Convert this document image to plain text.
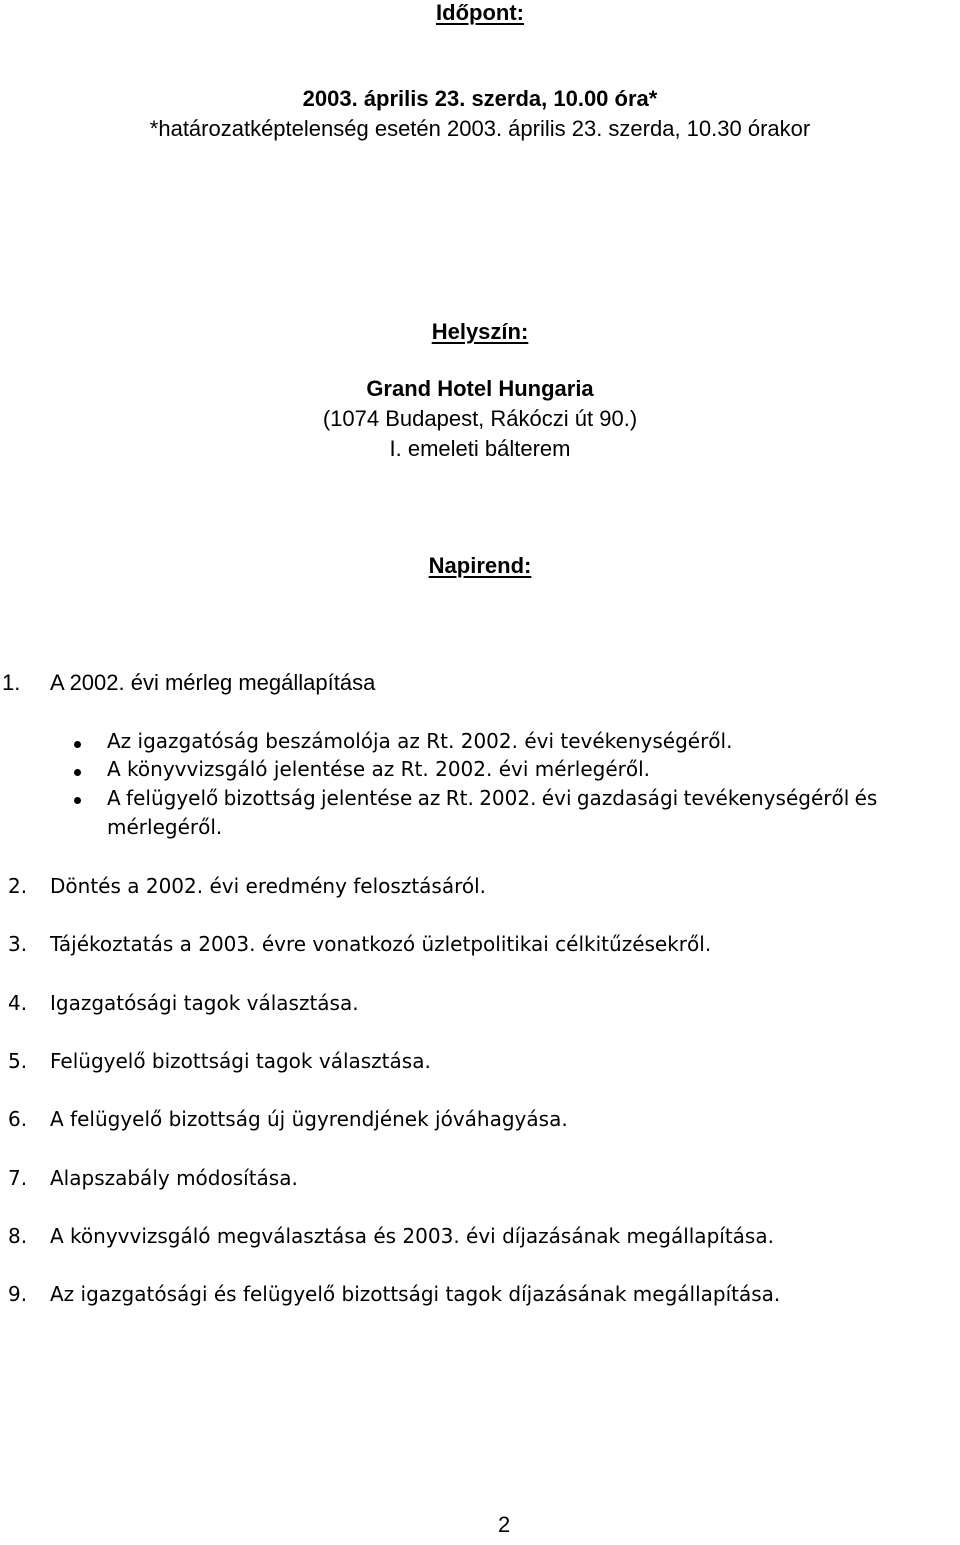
Időpont:
2003. április 23. szerda, 10.00 óra*
*határozatképtelenség esetén 2003. április 23. szerda, 10.30 órakor
Helyszín:
Grand Hotel Hungaria
(1074 Budapest, Rákóczi út 90.)
I. emeleti bálterem
Napirend:
1. A 2002. évi mérleg megállapítása
Az igazgatóság beszámolója az Rt. 2002. évi tevékenységéről.
A könyvvizsgáló jelentése az Rt. 2002. évi mérlegéről.
A felügyelő bizottság jelentése az Rt. 2002. évi gazdasági tevékenységéről és
mérlegéről.
2. Döntés a 2002. évi eredmény felosztásáról.
3. Tájékoztatás a 2003. évre vonatkozó üzletpolitikai célkitűzésekről.
4. Igazgatósági tagok választása.
5. Felügyelő bizottsági tagok választása.
6. A felügyelő bizottság új ügyrendjének jóváhagyása.
7. Alapszabály módosítása.
8. A könyvvizsgáló megválasztása és 2003. évi díjazásának megállapítása.
9. Az igazgatósági és felügyelő bizottsági tagok díjazásának megállapítása.
2
